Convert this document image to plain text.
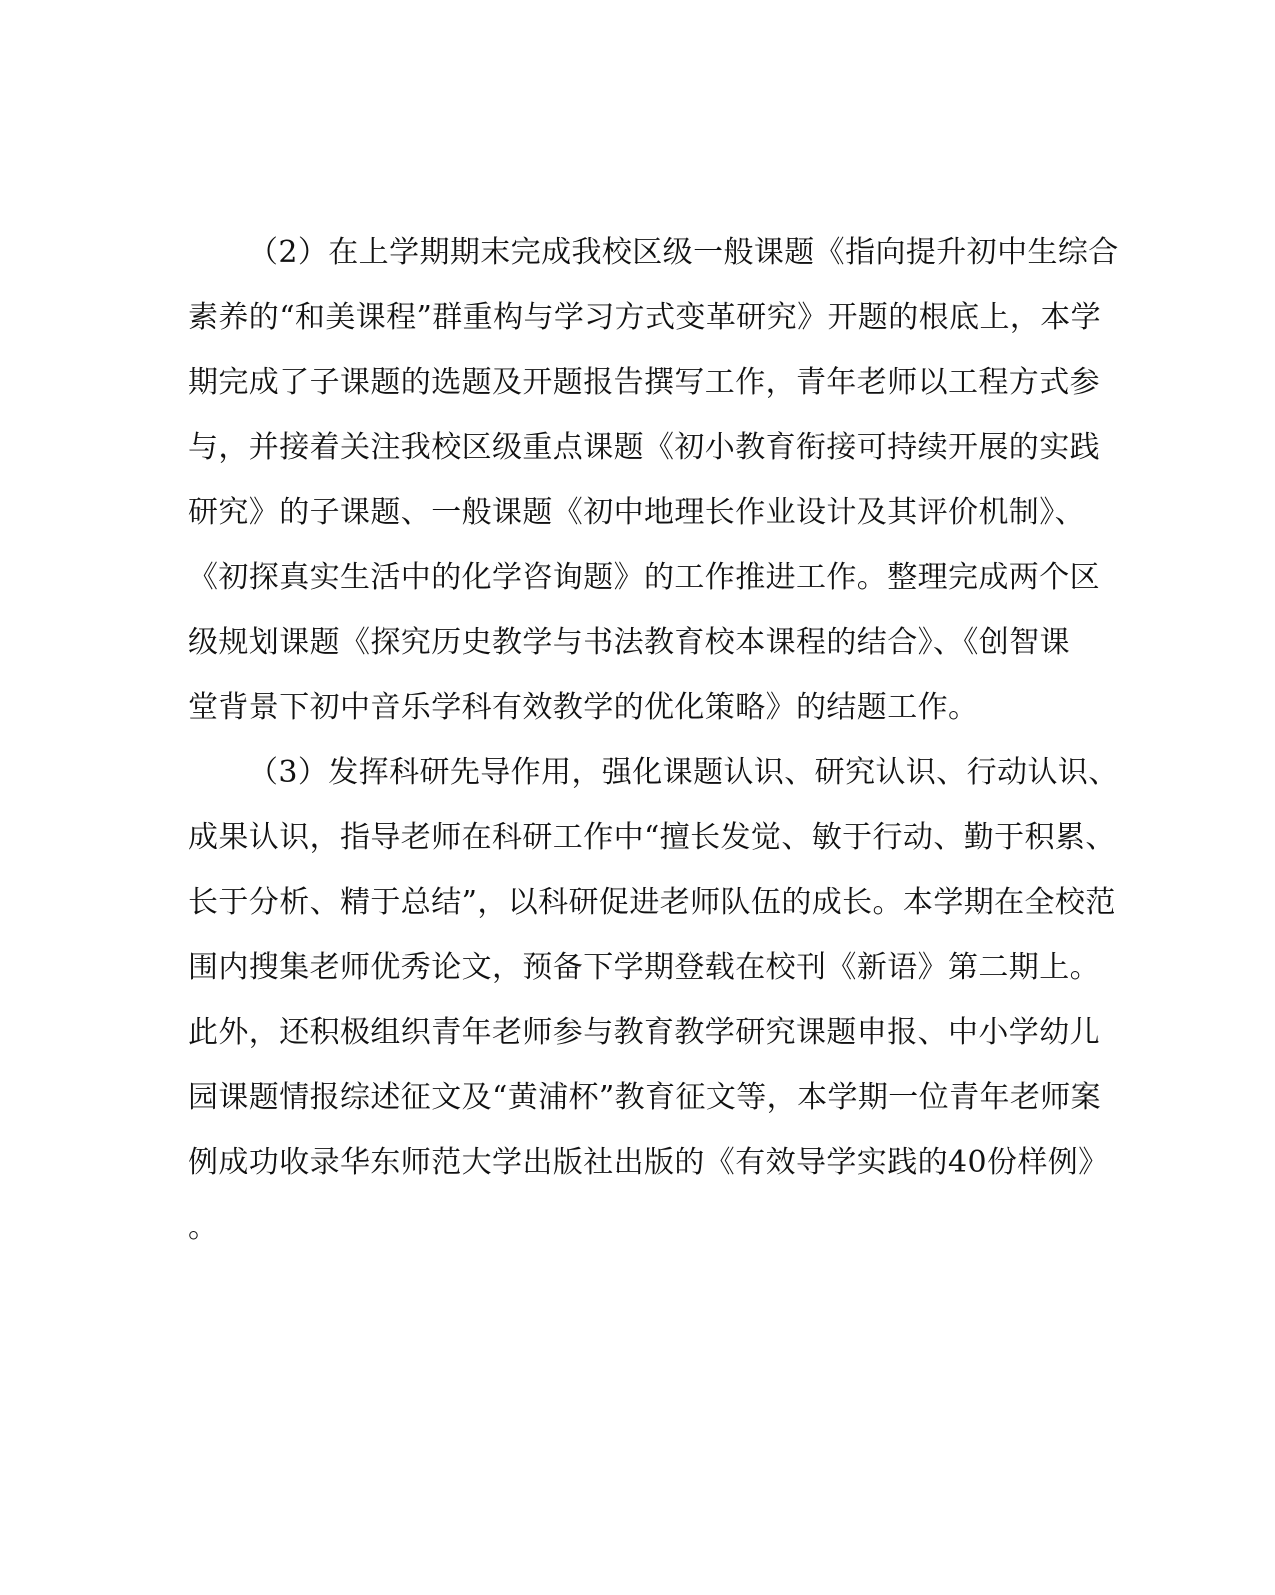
（2）在上学期期末完成我校区级一般课题《指向提升初中生综合
素养的“和美课程”群重构与学习方式变革研究》开题的根底上，本学
期完成了子课题的选题及开题报告撰写工作，青年老师以工程方式参
与，并接着关注我校区级重点课题《初小教育衔接可持续开展的实践
研究》的子课题、一般课题《初中地理长作业设计及其评价机制》、
《初探真实生活中的化学咨询题》的工作推进工作。整理完成两个区
级规划课题《探究历史教学与书法教育校本课程的结合》、《创智课
堂背景下初中音乐学科有效教学的优化策略》的结题工作。
（3）发挥科研先导作用，强化课题认识、研究认识、行动认识、
成果认识，指导老师在科研工作中“擅长发觉、敏于行动、勤于积累、
长于分析、精于总结”，以科研促进老师队伍的成长。本学期在全校范
围内搜集老师优秀论文，预备下学期登载在校刊《新语》第二期上。
此外，还积极组织青年老师参与教育教学研究课题申报、中小学幼儿
园课题情报综述征文及“黄浦杯”教育征文等，本学期一位青年老师案
例成功收录华东师范大学出版社出版的《有效导学实践的40份样例》
。
